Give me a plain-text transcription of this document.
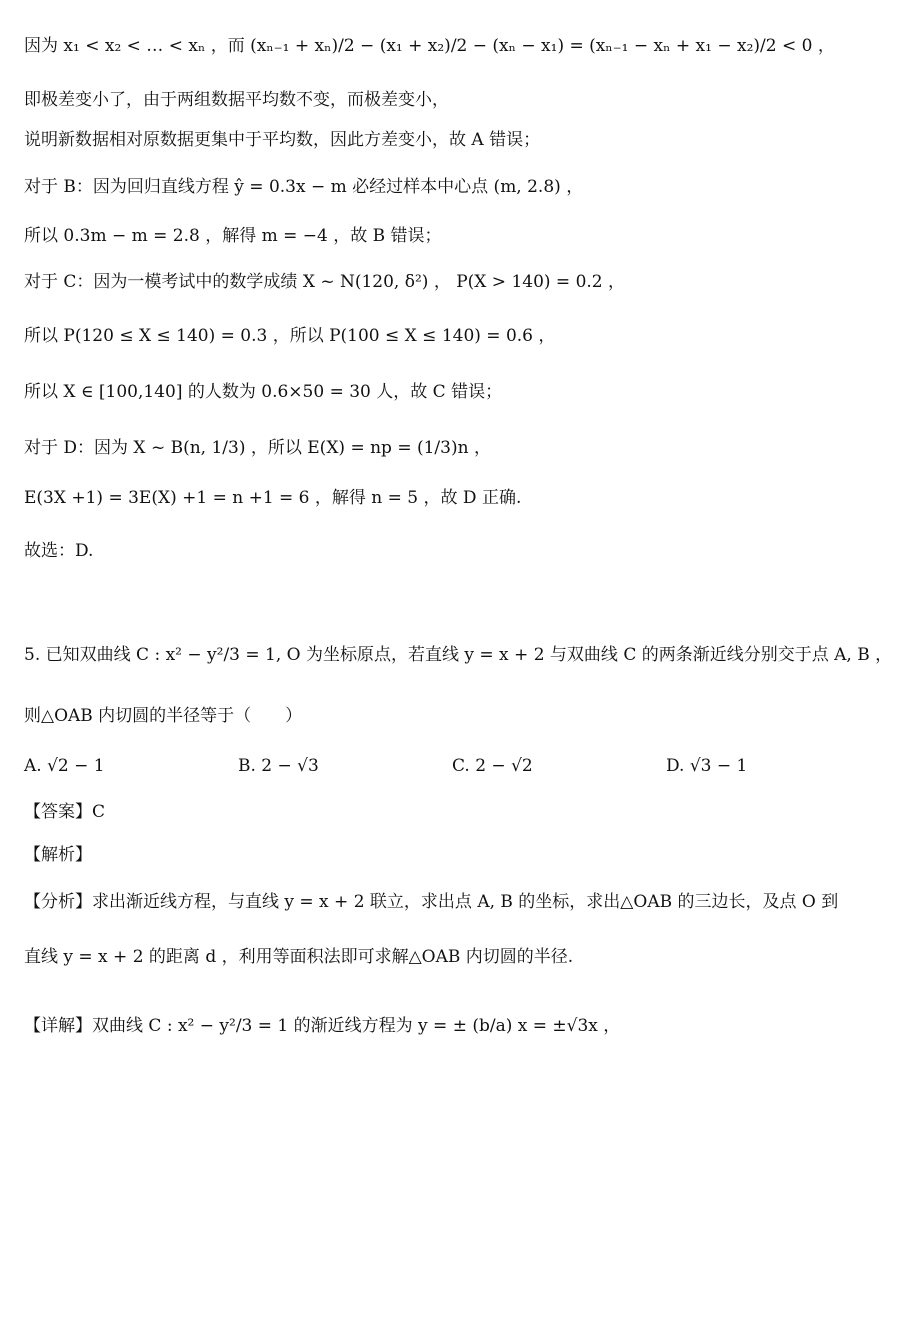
因为 x₁ < x₂ < … < xₙ ，而 (xₙ₋₁ + xₙ)/2 − (x₁ + x₂)/2 − (xₙ − x₁) = (xₙ₋₁ − xₙ + x₁ − x₂)/2 < 0 ，
即极差变小了，由于两组数据平均数不变，而极差变小，
说明新数据相对原数据更集中于平均数，因此方差变小，故 A 错误；
对于 B：因为回归直线方程 ŷ = 0.3x − m 必经过样本中心点 (m, 2.8) ，
所以 0.3m − m = 2.8 ，解得 m = −4 ，故 B 错误；
对于 C：因为一模考试中的数学成绩 X ~ N(120, δ²) ， P(X > 140) = 0.2 ，
所以 P(120 ≤ X ≤ 140) = 0.3 ，所以 P(100 ≤ X ≤ 140) = 0.6 ，
所以 X ∈ [100,140] 的人数为 0.6×50 = 30 人，故 C 错误；
对于 D：因为 X ~ B(n, 1/3) ，所以 E(X) = np = (1/3)n ，
E(3X +1) = 3E(X) +1 = n +1 = 6 ，解得 n = 5 ，故 D 正确.
故选：D.
5. 已知双曲线 C : x² − y²/3 = 1, O 为坐标原点，若直线 y = x + 2 与双曲线 C 的两条渐近线分别交于点 A, B ，
则△OAB 内切圆的半径等于（　　）
A. √2 − 1	B. 2 − √3	C. 2 − √2	D. √3 − 1
【答案】C
【解析】
【分析】求出渐近线方程，与直线 y = x + 2 联立，求出点 A, B 的坐标，求出△OAB 的三边长，及点 O 到
直线 y = x + 2 的距离 d ，利用等面积法即可求解△OAB 内切圆的半径.
【详解】双曲线 C : x² − y²/3 = 1 的渐近线方程为 y = ± (b/a) x = ±√3x ，
